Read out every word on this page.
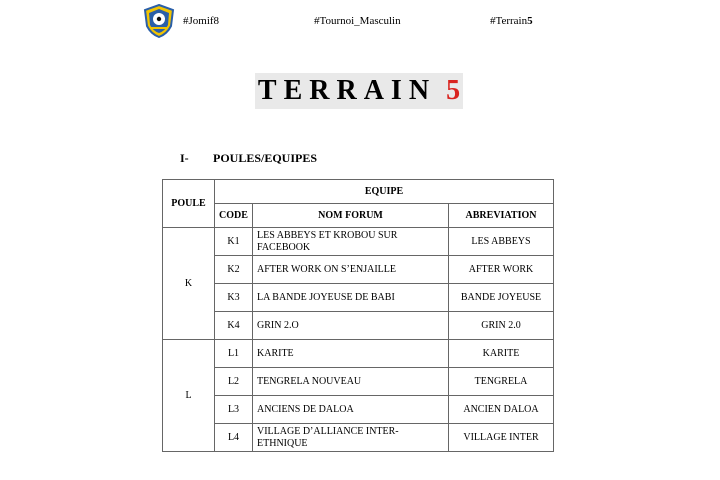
#Jomif8	#Tournoi_Masculin	#Terrain5
TERRAIN 5
I- POULES/EQUIPES
POULE	EQUIPE		
	CODE	NOM FORUM	ABREVIATION
K	K1	LES ABBEYS ET KROBOU SUR FACEBOOK	LES ABBEYS
	K2	AFTER WORK ON S’ENJAILLE	AFTER WORK
	K3	LA BANDE JOYEUSE DE BABI	BANDE JOYEUSE
	K4	GRIN 2.O	GRIN 2.0
L	L1	KARITE	KARITE
	L2	TENGRELA NOUVEAU	TENGRELA
	L3	ANCIENS DE DALOA	ANCIEN DALOA
	L4	VILLAGE D’ALLIANCE INTER-ETHNIQUE	VILLAGE INTER
